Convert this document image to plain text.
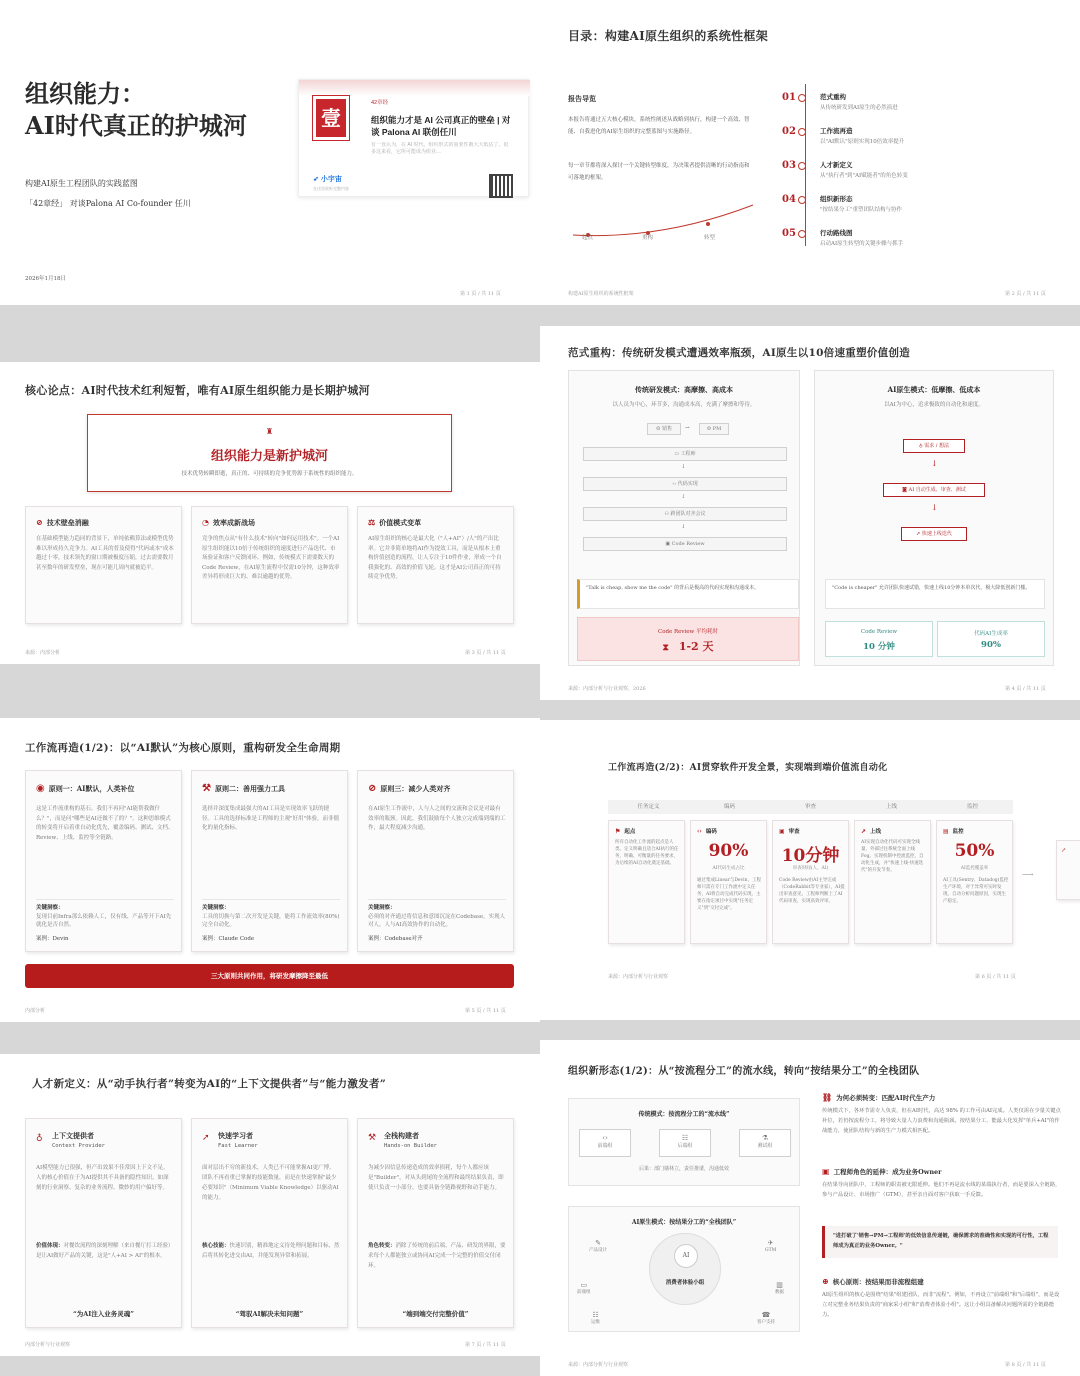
组织能力：
AI时代真正的护城河
构建AI原生工程团队的实践蓝图
「42章经」 对谈Palona AI Co-founder 任川
2026年1月18日
第 1 页 / 共 11 页
壹
42章经
组织能力才是 AI 公司真正的壁垒 | 对谈 Palona AI 联创任川
有一直认为，在 AI 时代，组织形式的重要性被大大低估了。很多这来看，它所可能成为组业…
➶ 小宇宙
在这里收听完整内容
目录：构建AI原生组织的系统性框架
报告导览
本报告将通过五大核心模块，系统性阐述从战略到执行，构建一个高效、智能、自我进化的AI原生组织的完整蓝图与实施路径。
每一章节都将深入探讨一个关键转型维度，为决策者提供清晰的行动指南和可落地的框架。
起点	重构	转型
01	范式重构
从传统研发到AI原生的必然演进
02	工作流再造
以"AI默认"原则实现10倍效率提升
03	人才新定义
从"执行者"到"AI赋能者"的角色转变
04	组织新形态
"按结果分工"重塑团队结构与协作
05	行动路线图
启动AI原生转型的关键步骤与抓手
构建AI原生组织的系统性框架	第 2 页 / 共 11 页
核心论点：AI时代技术红利短暂，唯有AI原生组织能力是长期护城河
♜
组织能力是新护城河
技术优势转瞬即逝，真正的、可持续的竞争优势源于系统性的组织能力。
⊘ 技术壁垒消融
在基础模型能力趋同的背景下，单纯依赖算法或模型优势难以形成持久竞争力。AI工具的普及使得"代码或本"成本越过十零，技术领先的窗口期被极度压缩，过去需要数月甚至数年的研发壁垒，现在可能几周内就被追平。
◔ 效率成新战场
竞争的焦点从"有什么技术"转向"如何运用技术"。一个AI原生组织能以10倍于传统组织的速度进行产品迭代、市场验证和客户反馈闭环。例如，传统模式下需要数天的Code Review，在AI原生流程中仅需10分钟，这种效率差异将形成巨大的、难以逾越的优势。
⚖ 价值模式变革
AI原生组织的核心是最大化（"人+AI"）/人"的产出比率。它并非简单地将AI作为提效工具，而是从根本上重构价值创造的流程，让人专注于10件作业，形成一个自我强化的、高效的价值飞轮。这才是AI公司真正的可持续竞争优势。
来源：内部分析	第 3 页 / 共 11 页
范式重构：传统研发模式遭遇效率瓶颈，AI原生以10倍速重塑价值创造
传统研发模式：高摩擦、高成本
以人员为中心，环节多，沟通成本高，充满了摩擦和等待。
☺ 销售	→	☺ PM
▭ 工程师
↓
‹› 代码实现
↓
⚇ 跨团队对齐会议
↓
▣ Code Review
"Talk is cheap, show me the code" 的背后是极高的代码实现和沟通成本。
Code Review 平均耗时
⧗ 1-2 天
AI原生模式：低摩擦、低成本
以AI为中心，追求极致的自动化和速度。
♁ 需求 / 想法
↓
◙ AI 自动生成、审查、测试
↓
➚ 快速上线迭代
"Code is cheaper" 允许团队快速试错，快速上线10分钟本单次代，极大降低创新门槛。
Code Review
10 分钟
代码AI生成率
90%
来源：内部分析与行业观察，2026	第 4 页 / 共 11 页
工作流再造(1/2)：以“AI默认”为核心原则，重构研发全生命周期
◉ 原则一：AI默认，人类补位
这是工作流重构的基石。我们不再问"AI能帮我做什么？"，而是问"哪些是AI还做不了的？"。这种思维模式的转变将开启着重自动化优先，覆盖编码、测试、文档、Review、上线、监控等全链路。
关键洞察：
复现目前Infra那么依赖人工，仅有线、产品等开下AI先就化是否自然。
案例：Devin
⚒ 原则二：善用强力工具
选择并深度集成最强大的AI工具是实现效率飞跃的捷径。工具的选择标准是工程师的主观"好用"体验，而非僵化的量化指标。
关键洞察：
工具的切换与第二次开发是关键，能将工作流效率(80%)完全自动化。
案例：Claude Code
⊘ 原则三：减少人类对齐
在AI原生工作流中，人与人之间的交流和会议是对最有效率的瓶颈。因此，我们鼓励每个人独立完成端到端的工作，最大程度减少沟通。
关键洞察：
必须的对齐通过将信息和意图沉淀在Codebase，实现人对人，人与AI高效协作的自动化。
案例：Codebase对齐
三大原则共同作用，将研发摩擦降至最低
内部分析	第 5 页 / 共 11 页
工作流再造(2/2)：AI贯穿软件开发全景，实现端到端价值流自动化
任务定义	编码	审查	上线	监控
⚑ 起点
所有自动化工作流的起点是人类。定义明确且适合AI执行的任务，明确、可衡量的任务要求，为后续的AI自动化奠定基础。
‹› 编码
90%
AI代码生成占比
通过集成Linear与Devin，工程师只需在专门工作流中定义任务，AI将自动完成代码实现，主要在指定项目中实现"任务定义"到"交付完成"。
▣ 审查
10分钟
审查时间(人、AI)
Code Review由AI主导完成（CodeRabbit等专业家），AI提出审查意见，工程师判断上了AI代码审查，实现高效评审。
➚ 上线
AI实现自动化代码可实现全线量、外部过往系统全面上线Fog。实现机制中控流监控，自动化生成，并"快速上线-快速迭代"的开发节奏。
▤ 监控
50%
AI监控覆盖率
AI工具(Sentry、Datadog)监控生产环境，对于异常可实时发现，自动分析问题原因，实现生产稳定。
⟶
↗
来源：内部分析与行业观察	第 6 页 / 共 11 页
人才新定义：从“动手执行者”转变为AI的“上下文提供者”与“能力激发者”
♁ 上下文提供者
Context Provider
AI模型能力已很强，但产出效果不佳常因上下文不足。人的核心价值在于为AI提供其不具备的隐性知识，如深刻的行业洞察、复杂的业务流程、微妙的用户偏好等。
价值体现：对餐饮流程的深刻理解（来自餐厅打工经验）是让AI做好产品的关键，这是"人+AI > AI"的根本。
“为AI注入业务灵魂”
➚ 快速学习者
Fast Learner
面对层出不穷的新技术，人类已不可能掌握AI更广博。团队不再看重已掌握的技能数量，而是在快速掌握"最少必要知识"（Minimum Viable Knowledge）以驱动AI的能力。
核心技能：快速识别，精准地定义待处理问题和目标，然后将其转化进交由AI，并能发现异常和拓展。
“驾驭AI解决未知问题”
⚒ 全栈构建者
Hands-on Builder
为减少因信息传递造成的效率损耗，每个人都应该是"Builder"，对从头到尾的全流程和最终结果负责，即使只负责一小部分，也要具备全链路视野和动手能力。
角色转变：消除了传统的前后端、产品、研发的界限，要求每个人都能独立或协同AI完成一个完整的价值交付闭环。
“端到端交付完整价值”
内部分析与行业观察	第 7 页 / 共 11 页
组织新形态(1/2)：从“按流程分工”的流水线，转向“按结果分工”的全栈团队
传统模式：按流程分工的“流水线”
‹›
前端组
☷
后端组
⚗
测试组
后果：部门墙林立，责任推诿，沟通低效
AI原生模式：按结果分工的“全栈团队”
AI
消费者体验小组
✎
产品设计
✈
GTM
▭
前端组
▥
数据
☷
运维
☎
客户支持
⛓ 为何必须转变：匹配AI时代生产力
传统模式下，各环节需专人负责，但在AI时代，高达 98% 的工作可由AI完成。人类仅需在少量关键点补位，若仍按流程分工，将导致大量人力浪费和沟通瓶颈。按结果分工，能最大化发挥"单兵+AI"的作战能力，使团队结构与新的生产力模式相匹配。
▣ 工程师角色的延伸：成为业务Owner
在结果导向团队中，工程师的职责被无限延伸。他们不再是流水线的某端执行者，而是要深入全链路，参与产品设计、市场推广（GTM），甚至亲自面对客户获取一手反馈。
"进打破了'销售→PM→工程师'的低效信息传递链，确保需求的准确性和实现的可行性，工程师成为真正的业务Owner。"
⊕ 核心原则：按结果而非流程组建
AI原生组织的核心是围绕"结果"组建团队，而非"流程"。例如，不再设立"前端组"和"后端组"，而是设立对完整业务结果负责的"商家采小组"和"消费者体验小组"。这让小组具备解决问题所需的全链路能力。
来源：内部分析与行业观察	第 8 页 / 共 11 页
